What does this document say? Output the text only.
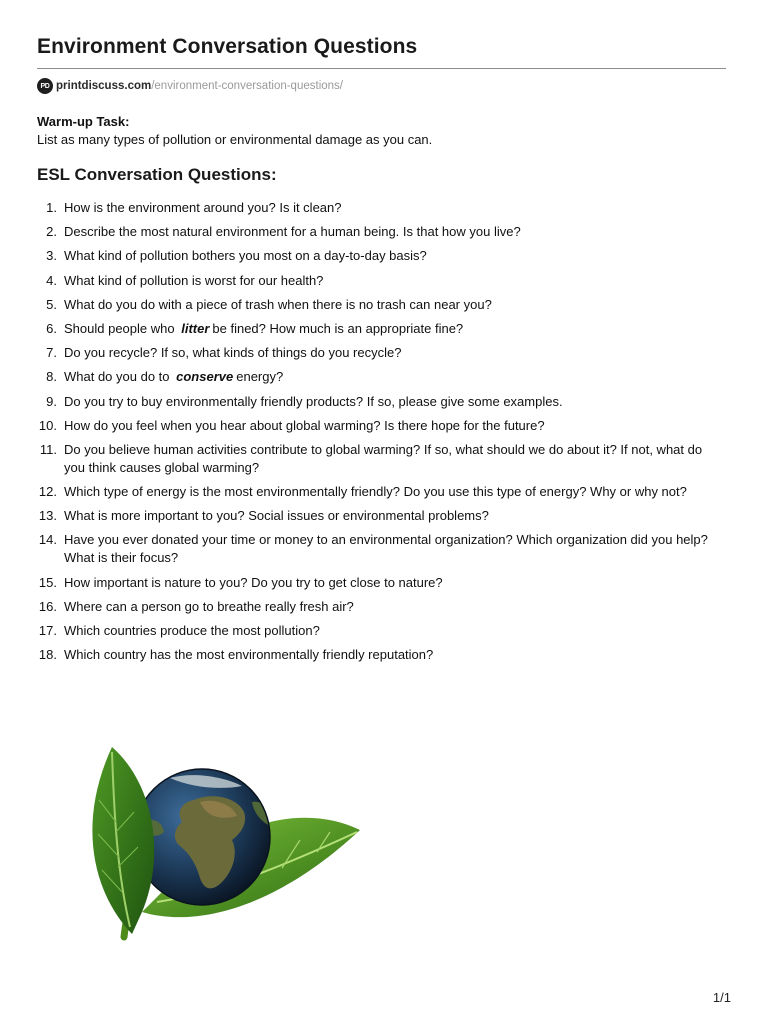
Environment Conversation Questions
PD printdiscuss.com/environment-conversation-questions/
Warm-up Task:
List as many types of pollution or environmental damage as you can.
ESL Conversation Questions:
1. How is the environment around you? Is it clean?
2. Describe the most natural environment for a human being. Is that how you live?
3. What kind of pollution bothers you most on a day-to-day basis?
4. What kind of pollution is worst for our health?
5. What do you do with a piece of trash when there is no trash can near you?
6. Should people who litter be fined? How much is an appropriate fine?
7. Do you recycle? If so, what kinds of things do you recycle?
8. What do you do to conserve energy?
9. Do you try to buy environmentally friendly products? If so, please give some examples.
10. How do you feel when you hear about global warming? Is there hope for the future?
11. Do you believe human activities contribute to global warming? If so, what should we do about it? If not, what do you think causes global warming?
12. Which type of energy is the most environmentally friendly? Do you use this type of energy? Why or why not?
13. What is more important to you? Social issues or environmental problems?
14. Have you ever donated your time or money to an environmental organization? Which organization did you help? What is their focus?
15. How important is nature to you? Do you try to get close to nature?
16. Where can a person go to breathe really fresh air?
17. Which countries produce the most pollution?
18. Which country has the most environmentally friendly reputation?
1/1
